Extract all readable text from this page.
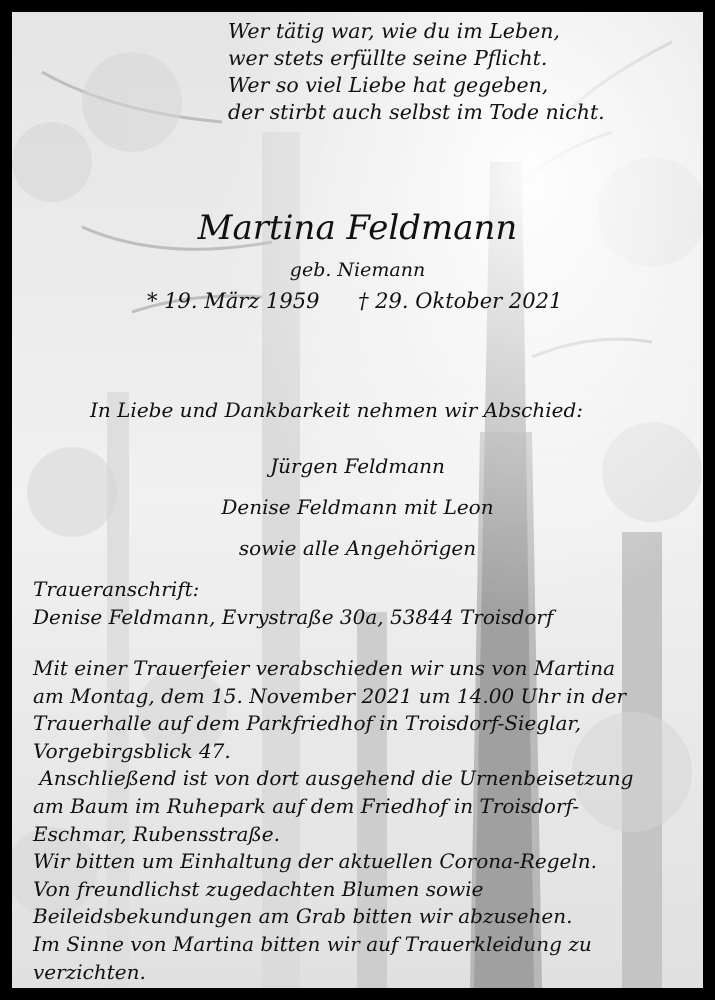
Wer tätig war, wie du im Leben,
wer stets erfüllte seine Pflicht.
Wer so viel Liebe hat gegeben,
der stirbt auch selbst im Tode nicht.
Martina Feldmann
geb. Niemann
* 19. März 1959 † 29. Oktober 2021
In Liebe und Dankbarkeit nehmen wir Abschied:
Jürgen Feldmann
Denise Feldmann mit Leon
sowie alle Angehörigen
Traueranschrift:
Denise Feldmann, Evrystraße 30a, 53844 Troisdorf
Mit einer Trauerfeier verabschieden wir uns von Martina
am Montag, dem 15. November 2021 um 14.00 Uhr in der
Trauerhalle auf dem Parkfriedhof in Troisdorf-Sieglar,
Vorgebirgsblick 47.
Anschließend ist von dort ausgehend die Urnenbeisetzung
am Baum im Ruhepark auf dem Friedhof in Troisdorf-
Eschmar, Rubensstraße.
Wir bitten um Einhaltung der aktuellen Corona-Regeln.
Von freundlichst zugedachten Blumen sowie
Beileidsbekundungen am Grab bitten wir abzusehen.
Im Sinne von Martina bitten wir auf Trauerkleidung zu
verzichten.
